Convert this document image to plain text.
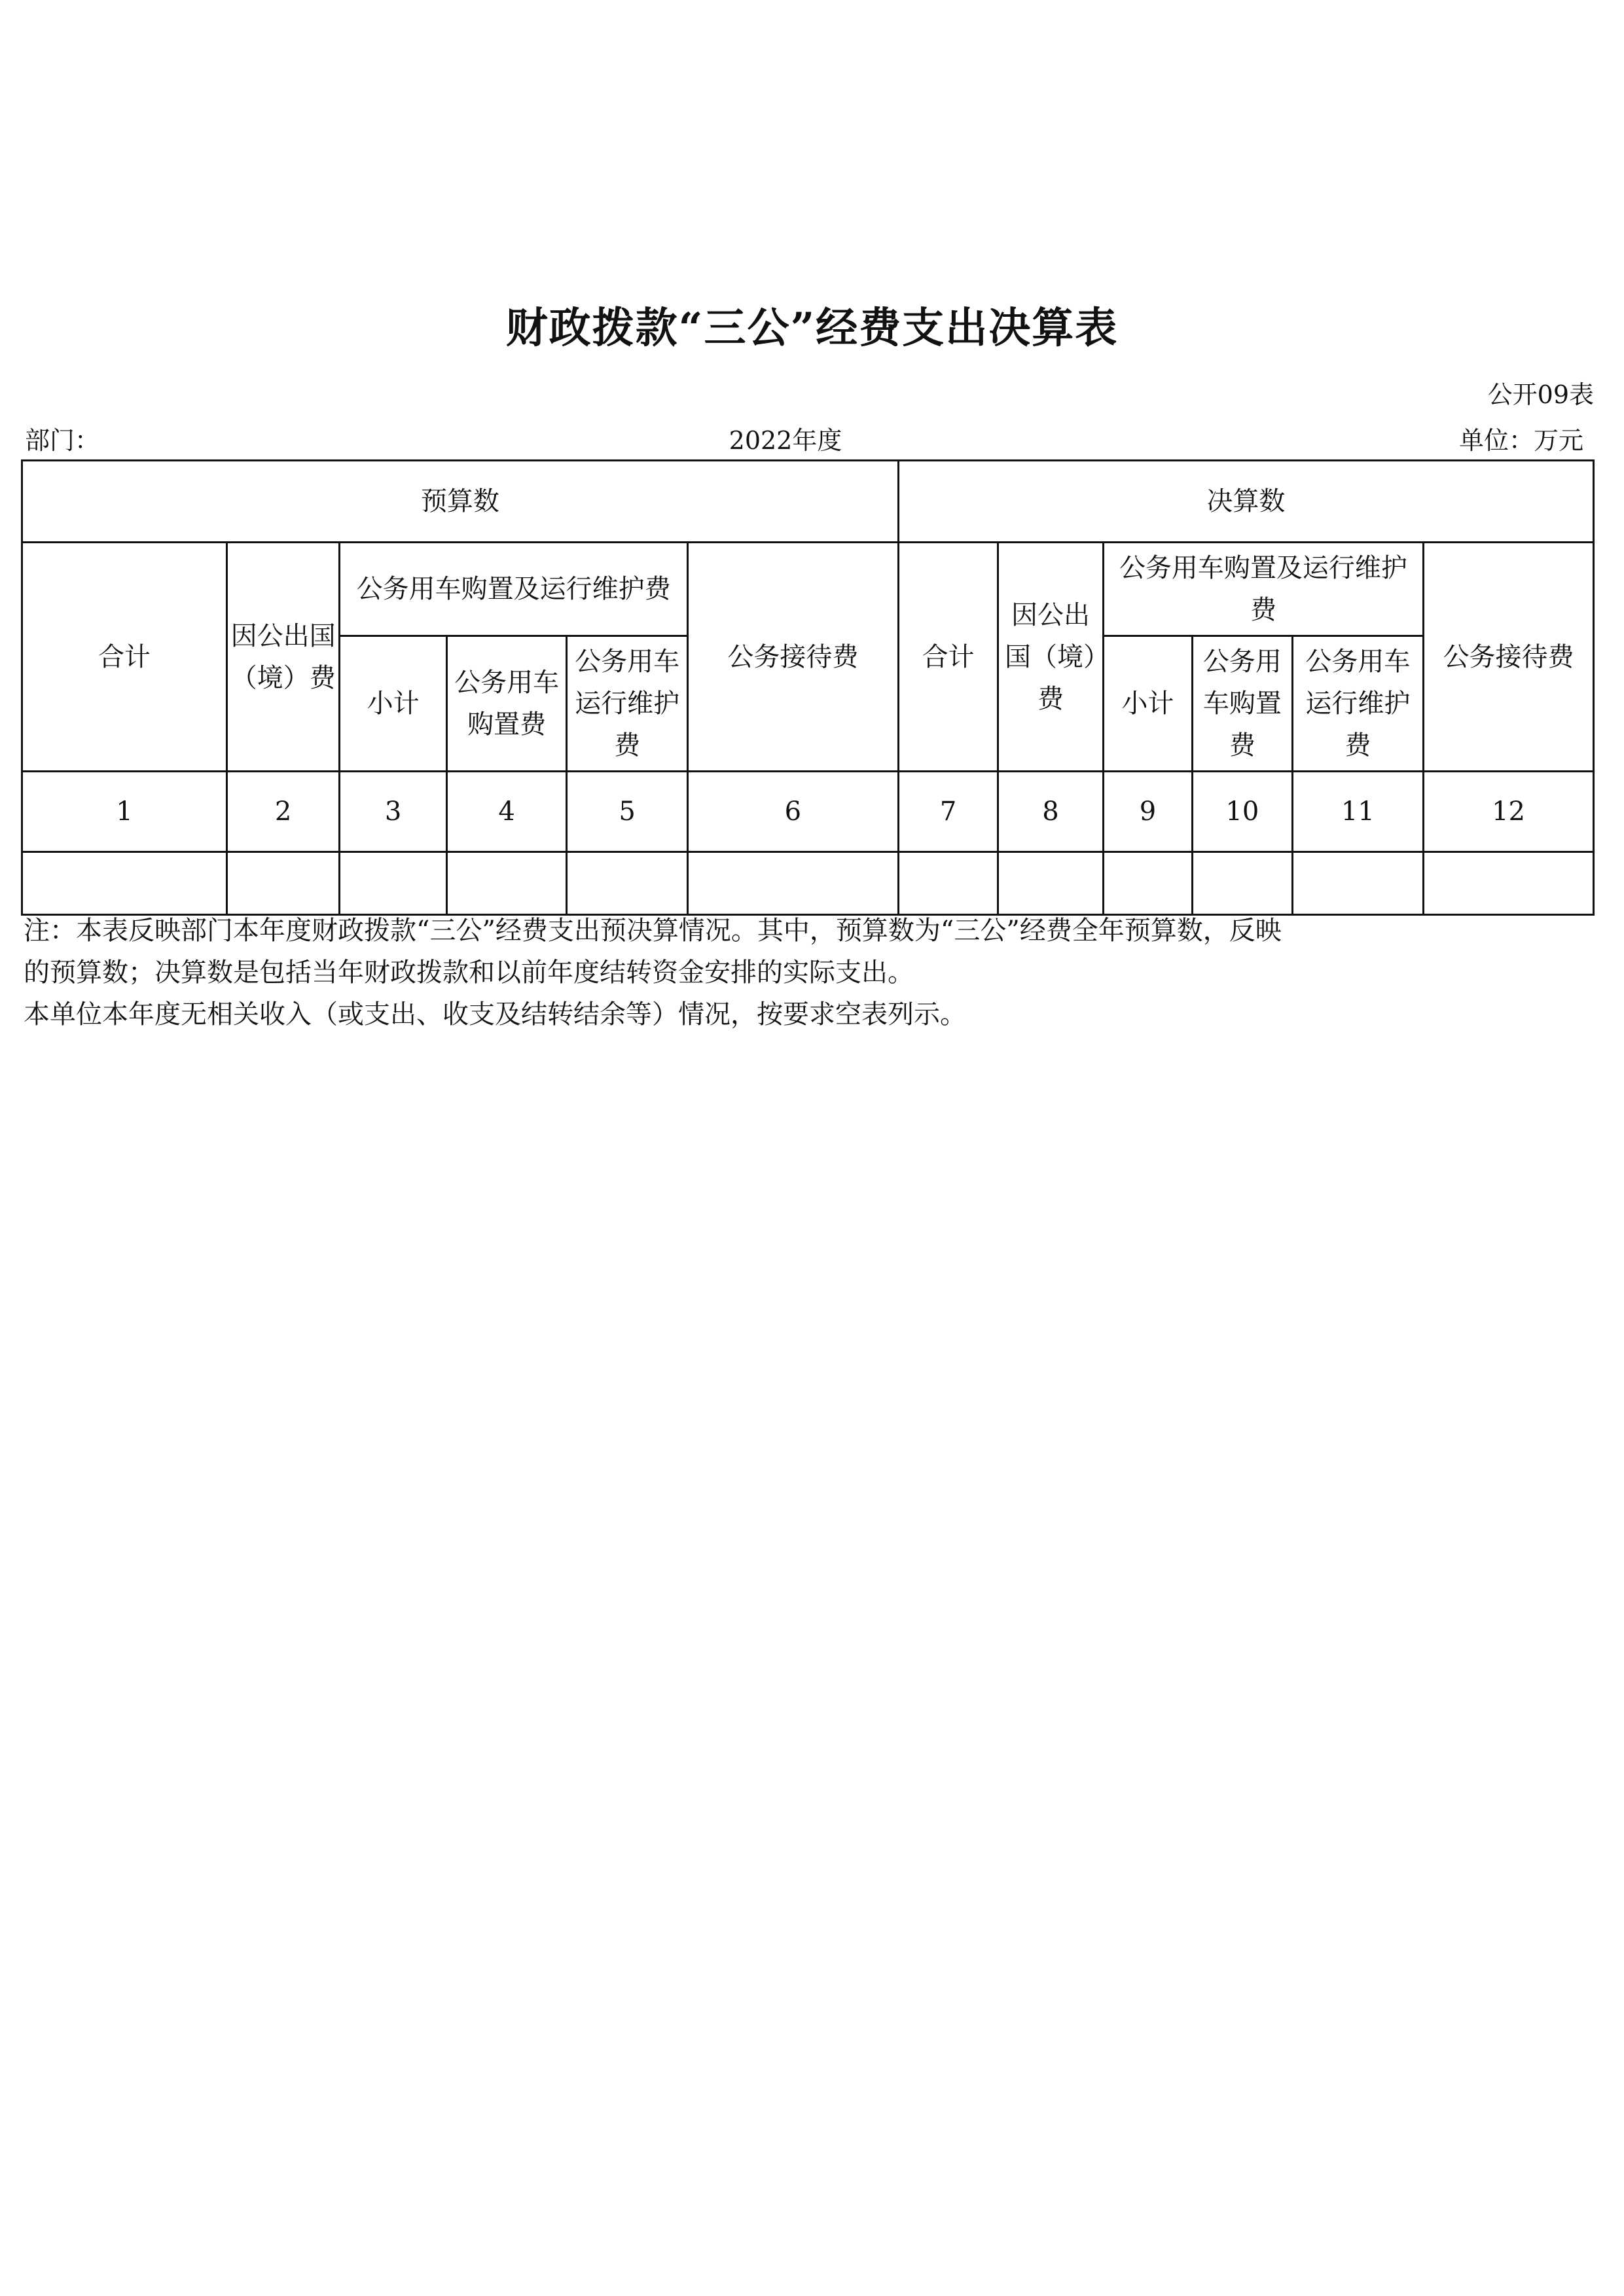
财政拨款“三公”经费支出决算表
公开09表
部门：	2022年度	单位：万元
预算数						决算数					
合计	因公出国（境）费	公务用车购置及运行维护费			公务接待费	合计	因公出国（境）费	公务用车购置及运行维护费			公务接待费
		小计	公务用车购置费	公务用车运行维护费				小计	公务用车购置费	公务用车运行维护费	
1	2	3	4	5	6	7	8	9	10	11	12

注：本表反映部门本年度财政拨款“三公”经费支出预决算情况。其中，预算数为“三公”经费全年预算数，反映
的预算数；决算数是包括当年财政拨款和以前年度结转资金安排的实际支出。
本单位本年度无相关收入（或支出、收支及结转结余等）情况，按要求空表列示。
